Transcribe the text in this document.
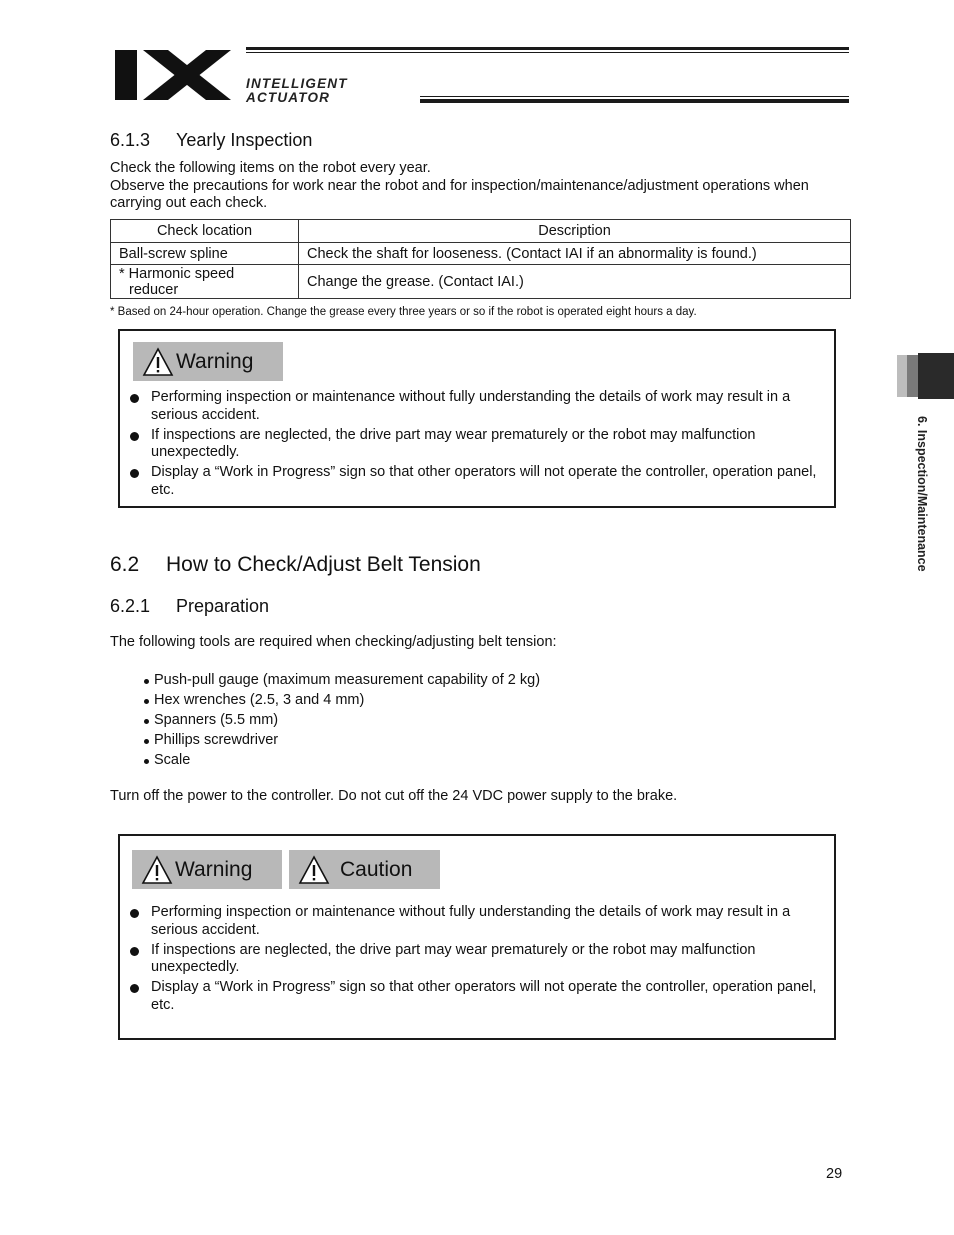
INTELLIGENT
ACTUATOR
6. Inspection/Maintenance
6.1.3 Yearly Inspection

Check the following items on the robot every year.

Observe the precautions for work near the robot and for inspection/maintenance/adjustment operations when carrying out each check.

Check location	Description
Ball-screw spline	Check the shaft for looseness. (Contact IAI if an abnormality is found.)
* Harmonic speed
reducer	Change the grease. (Contact IAI.)
* Based on 24-hour operation. Change the grease every three years or so if the robot is operated eight hours a day.
Warning
Performing inspection or maintenance without fully understanding the details of work may result in a serious accident.
If inspections are neglected, the drive part may wear prematurely or the robot may malfunction unexpectedly.
Display a “Work in Progress” sign so that other operators will not operate the controller, operation panel, etc.
6.2 How to Check/Adjust Belt Tension
6.2.1 Preparation

The following tools are required when checking/adjusting belt tension:

Push-pull gauge (maximum measurement capability of 2 kg)
Hex wrenches (2.5, 3 and 4 mm)
Spanners (5.5 mm)
Phillips screwdriver
Scale

Turn off the power to the controller. Do not cut off the 24 VDC power supply to the brake.

Warning	Caution
Performing inspection or maintenance without fully understanding the details of work may result in a serious accident.
If inspections are neglected, the drive part may wear prematurely or the robot may malfunction unexpectedly.
Display a “Work in Progress” sign so that other operators will not operate the controller, operation panel, etc.
29
